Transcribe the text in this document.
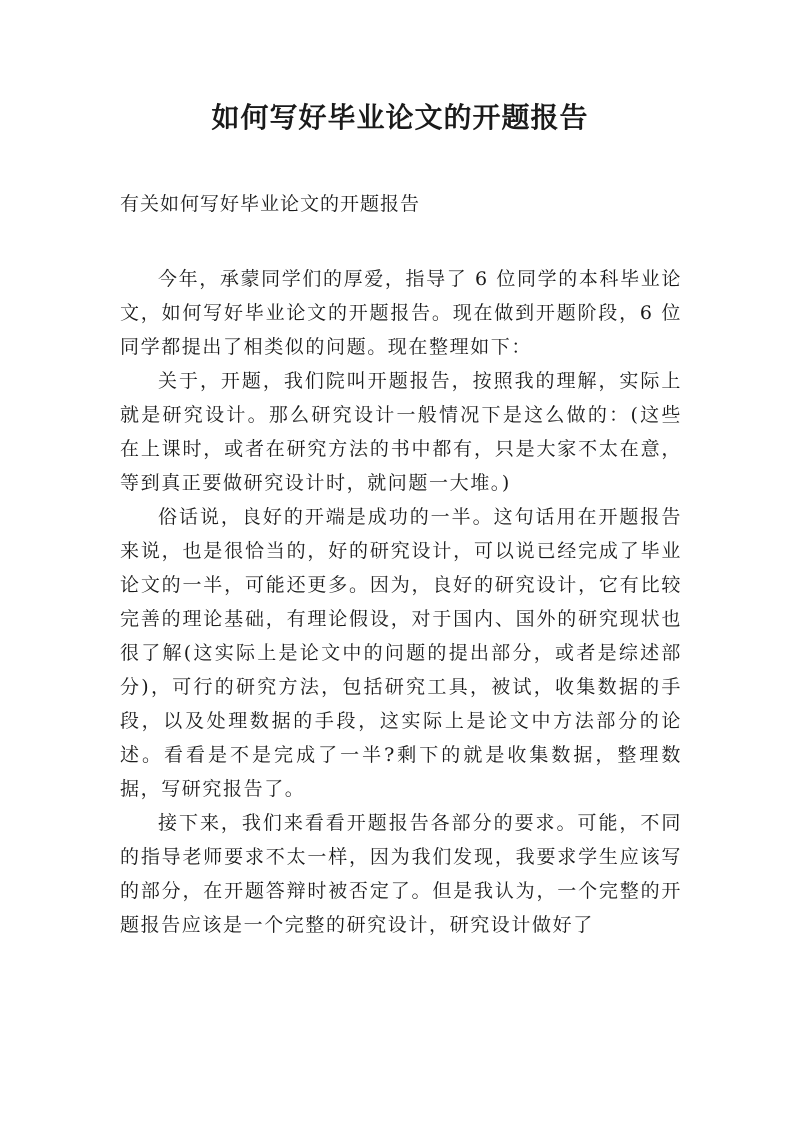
如何写好毕业论文的开题报告
有关如何写好毕业论文的开题报告

今年，承蒙同学们的厚爱，指导了 6 位同学的本科毕业论文，如何写好毕业论文的开题报告。现在做到开题阶段，6 位同学都提出了相类似的问题。现在整理如下：

关于，开题，我们院叫开题报告，按照我的理解，实际上就是研究设计。那么研究设计一般情况下是这么做的：(这些在上课时，或者在研究方法的书中都有，只是大家不太在意，等到真正要做研究设计时，就问题一大堆。)

俗话说，良好的开端是成功的一半。这句话用在开题报告来说，也是很恰当的，好的研究设计，可以说已经完成了毕业论文的一半，可能还更多。因为，良好的研究设计，它有比较完善的理论基础，有理论假设，对于国内、国外的研究现状也很了解(这实际上是论文中的问题的提出部分，或者是综述部分)，可行的研究方法，包括研究工具，被试，收集数据的手段，以及处理数据的手段，这实际上是论文中方法部分的论述。看看是不是完成了一半?剩下的就是收集数据，整理数据，写研究报告了。

接下来，我们来看看开题报告各部分的要求。可能，不同的指导老师要求不太一样，因为我们发现，我要求学生应该写的部分，在开题答辩时被否定了。但是我认为，一个完整的开题报告应该是一个完整的研究设计，研究设计做好了
